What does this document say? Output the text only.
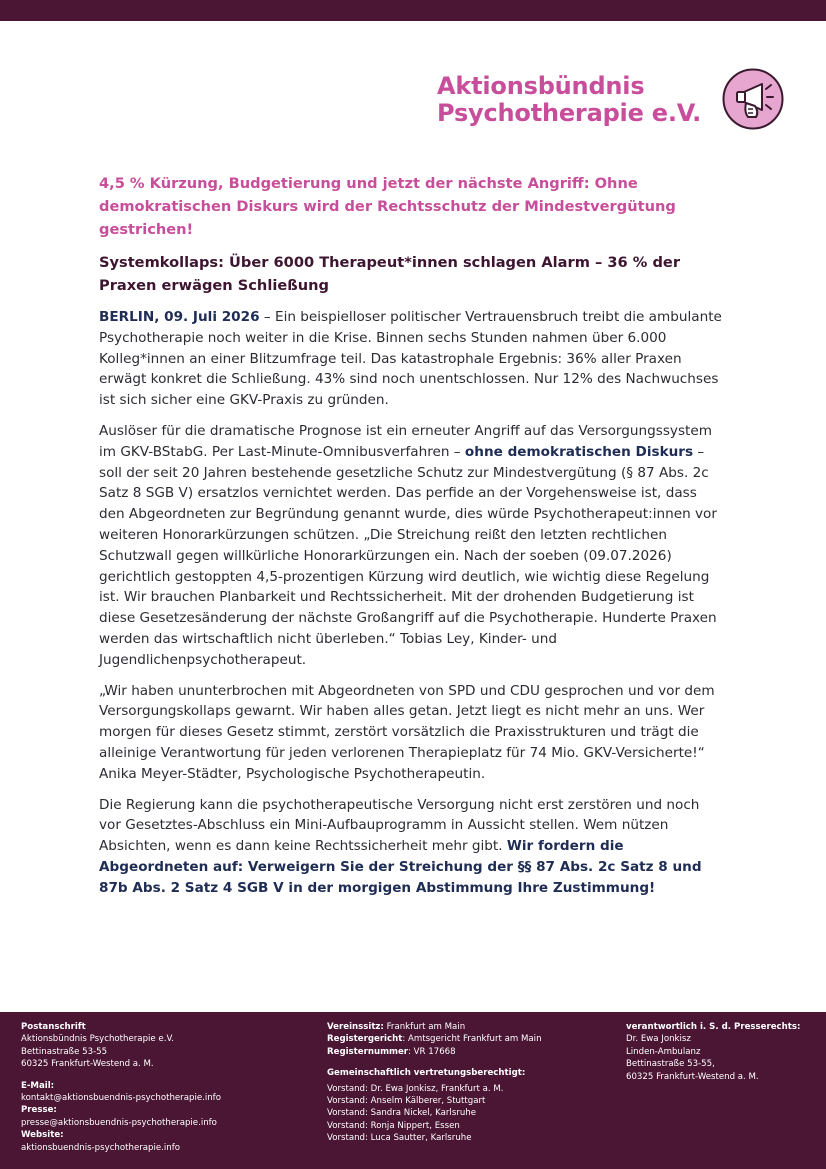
Aktionsbündnis
Psychotherapie e.V.
4,5 % Kürzung, Budgetierung und jetzt der nächste Angriff: Ohne demokratischen Diskurs wird der Rechtsschutz der Mindestvergütung gestrichen!
Systemkollaps: Über 6000 Therapeut*innen schlagen Alarm – 36 % der Praxen erwägen Schließung

BERLIN, 09. Juli 2026 – Ein beispielloser politischer Vertrauensbruch treibt die ambulante Psychotherapie noch weiter in die Krise. Binnen sechs Stunden nahmen über 6.000 Kolleg*innen an einer Blitzumfrage teil. Das katastrophale Ergebnis: 36% aller Praxen erwägt konkret die Schließung. 43% sind noch unentschlossen. Nur 12% des Nachwuchses ist sich sicher eine GKV-Praxis zu gründen.

Auslöser für die dramatische Prognose ist ein erneuter Angriff auf das Versorgungssystem im GKV-BStabG. Per Last-Minute-Omnibusverfahren – ohne demokratischen Diskurs – soll der seit 20 Jahren bestehende gesetzliche Schutz zur Mindestvergütung (§ 87 Abs. 2c Satz 8 SGB V) ersatzlos vernichtet werden. Das perfide an der Vorgehensweise ist, dass den Abgeordneten zur Begründung genannt wurde, dies würde Psychotherapeut:innen vor weiteren Honorarkürzungen schützen. „Die Streichung reißt den letzten rechtlichen Schutzwall gegen willkürliche Honorarkürzungen ein. Nach der soeben (09.07.2026) gerichtlich gestoppten 4,5-prozentigen Kürzung wird deutlich, wie wichtig diese Regelung ist. Wir brauchen Planbarkeit und Rechtssicherheit. Mit der drohenden Budgetierung ist diese Gesetzesänderung der nächste Großangriff auf die Psychotherapie. Hunderte Praxen werden das wirtschaftlich nicht überleben.“ Tobias Ley, Kinder- und Jugendlichenpsychotherapeut.

„Wir haben ununterbrochen mit Abgeordneten von SPD und CDU gesprochen und vor dem Versorgungskollaps gewarnt. Wir haben alles getan. Jetzt liegt es nicht mehr an uns. Wer morgen für dieses Gesetz stimmt, zerstört vorsätzlich die Praxisstrukturen und trägt die alleinige Verantwortung für jeden verlorenen Therapieplatz für 74 Mio. GKV-Versicherte!“ Anika Meyer-Städter, Psychologische Psychotherapeutin.

Die Regierung kann die psychotherapeutische Versorgung nicht erst zerstören und noch vor Gesetztes-Abschluss ein Mini-Aufbauprogramm in Aussicht stellen. Wem nützen Absichten, wenn es dann keine Rechtssicherheit mehr gibt. Wir fordern die Abgeordneten auf: Verweigern Sie der Streichung der §§ 87 Abs. 2c Satz 8 und 87b Abs. 2 Satz 4 SGB V in der morgigen Abstimmung Ihre Zustimmung!

Postanschrift
Aktionsbündnis Psychotherapie e.V.
Bettinastraße 53-55
60325 Frankfurt-Westend a. M.
E-Mail:
kontakt@aktionsbuendnis-psychotherapie.info
Presse:
presse@aktionsbuendnis-psychotherapie.info
Website:
aktionsbuendnis-psychotherapie.info
Vereinssitz: Frankfurt am Main
Registergericht: Amtsgericht Frankfurt am Main
Registernummer: VR 17668
Gemeinschaftlich vertretungsberechtigt:
Vorstand: Dr. Ewa Jonkisz, Frankfurt a. M.
Vorstand: Anselm Kälberer, Stuttgart
Vorstand: Sandra Nickel, Karlsruhe
Vorstand: Ronja Nippert, Essen
Vorstand: Luca Sautter, Karlsruhe
verantwortlich i. S. d. Presserechts:
Dr. Ewa Jonkisz
Linden-Ambulanz
Bettinastraße 53-55,
60325 Frankfurt-Westend a. M.
